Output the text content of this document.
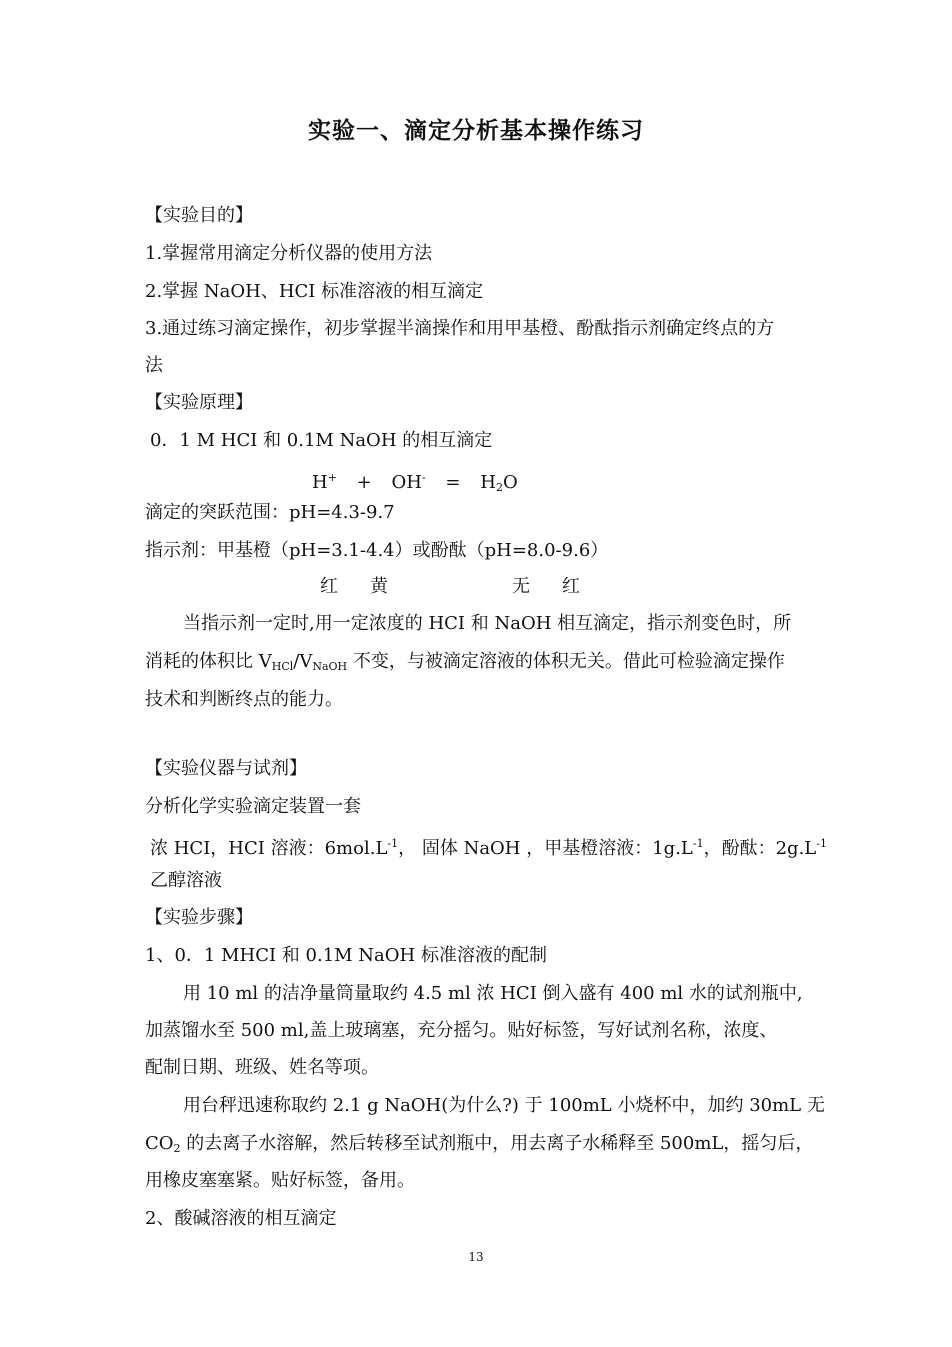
实验一、滴定分析基本操作练习
【实验目的】
1.掌握常用滴定分析仪器的使用方法
2.掌握 NaOH、HCI 标准溶液的相互滴定
3.通过练习滴定操作，初步掌握半滴操作和用甲基橙、酚酞指示剂确定终点的方
法
【实验原理】
0．1 M HCI 和 0.1M NaOH 的相互滴定
$H^+ + OH^- = H_2O$
滴定的突跃范围：pH=4.3-9.7
指示剂：甲基橙（pH=3.1-4.4）或酚酞（pH=8.0-9.6）
红 黄	无 红
当指示剂一定时,用一定浓度的 HCI 和 NaOH 相互滴定，指示剂变色时，所
消耗的体积比 $V_{HCl}/V_{NaOH}$ 不变，与被滴定溶液的体积无关。借此可检验滴定操作
技术和判断终点的能力。
【实验仪器与试剂】
分析化学实验滴定装置一套
浓 HCI，HCI 溶液：$6mol.L^{-1}$， 固体 NaOH ，甲基橙溶液：$1g.L^{-1}$，酚酞：$2g.L^{-1}$
乙醇溶液
【实验步骤】
1、0．1 MHCI 和 0.1M NaOH 标准溶液的配制
用 10 ml 的洁净量筒量取约 4.5 ml 浓 HCI 倒入盛有 400 ml 水的试剂瓶中,
加蒸馏水至 500 ml,盖上玻璃塞，充分摇匀。贴好标签，写好试剂名称，浓度、
配制日期、班级、姓名等项。
用台秤迅速称取约 2.1 g NaOH(为什么?) 于 100mL 小烧杯中，加约 30mL 无
$CO_2$ 的去离子水溶解，然后转移至试剂瓶中，用去离子水稀释至 500mL，摇匀后，
用橡皮塞塞紧。贴好标签，备用。
2、酸碱溶液的相互滴定
13
